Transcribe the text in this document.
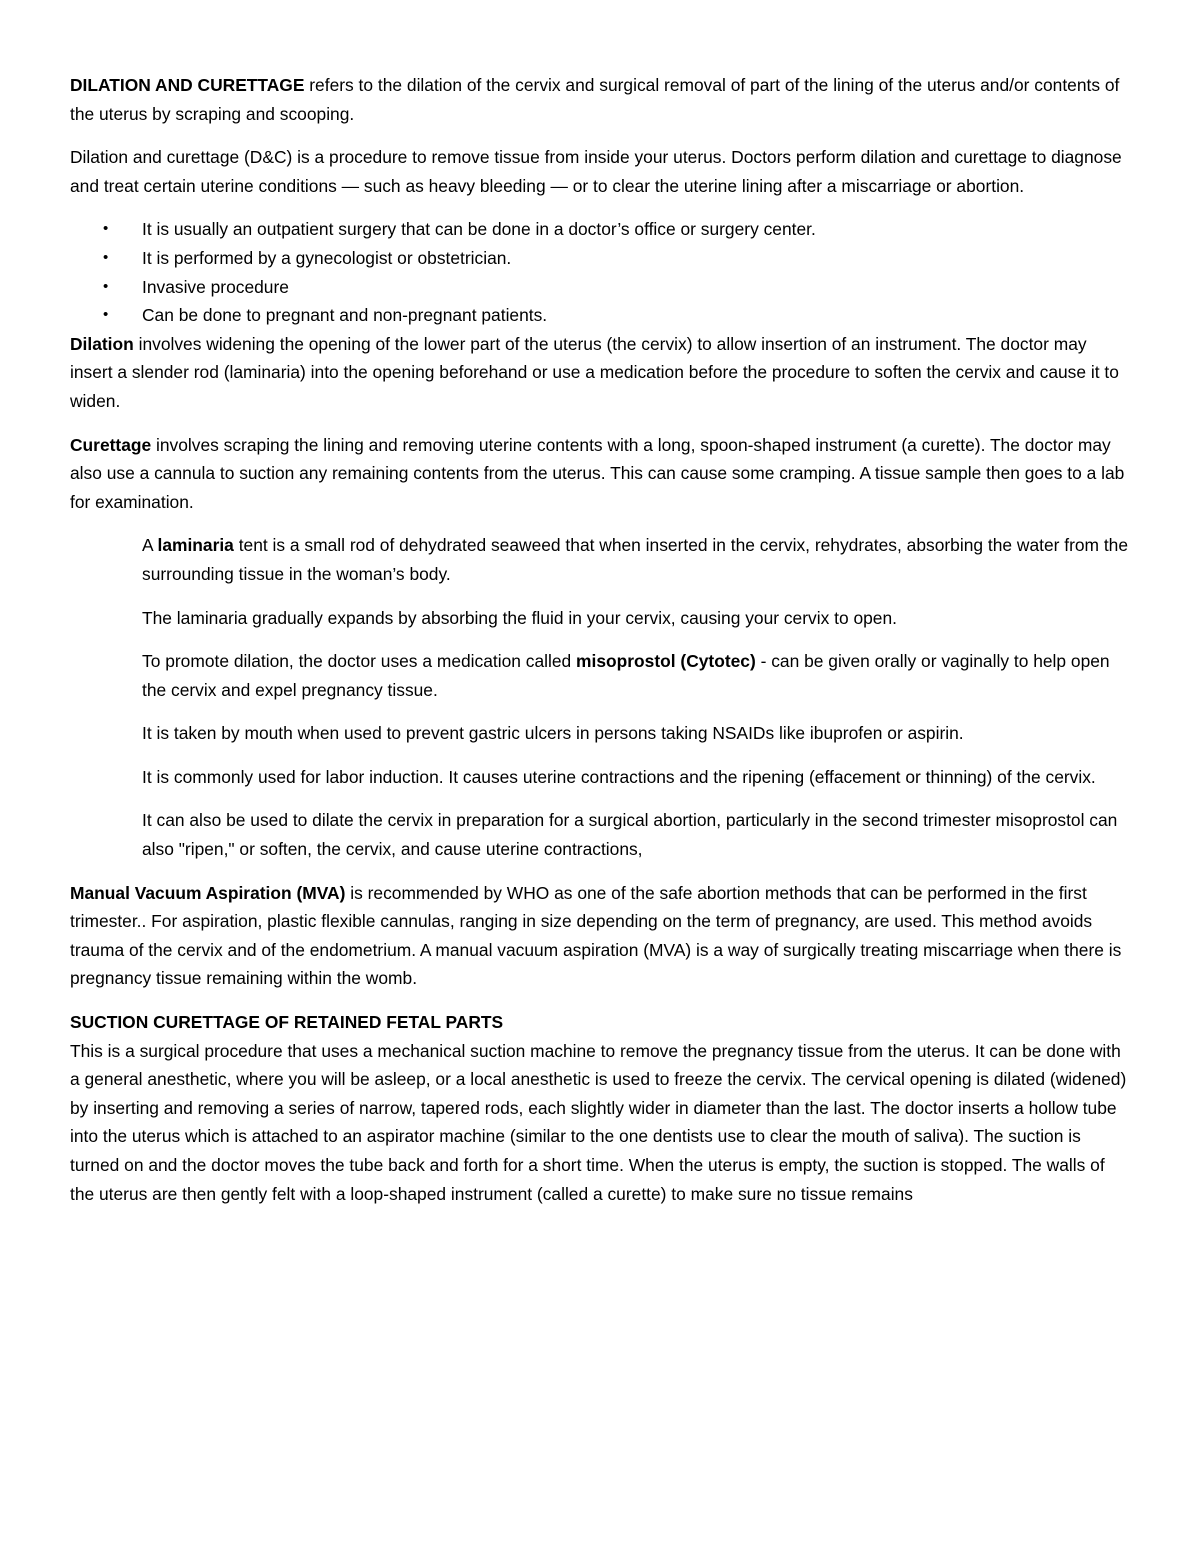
DILATION AND CURETTAGE refers to the dilation of the cervix and surgical removal of part of the lining of the uterus and/or contents of the uterus by scraping and scooping.

Dilation and curettage (D&C) is a procedure to remove tissue from inside your uterus. Doctors perform dilation and curettage to diagnose and treat certain uterine conditions — such as heavy bleeding — or to clear the uterine lining after a miscarriage or abortion.

• It is usually an outpatient surgery that can be done in a doctor’s office or surgery center.
• It is performed by a gynecologist or obstetrician.
• Invasive procedure
• Can be done to pregnant and non-pregnant patients.

Dilation involves widening the opening of the lower part of the uterus (the cervix) to allow insertion of an instrument. The doctor may insert a slender rod (laminaria) into the opening beforehand or use a medication before the procedure to soften the cervix and cause it to widen.

Curettage involves scraping the lining and removing uterine contents with a long, spoon-shaped instrument (a curette). The doctor may also use a cannula to suction any remaining contents from the uterus. This can cause some cramping. A tissue sample then goes to a lab for examination.

A laminaria tent is a small rod of dehydrated seaweed that when inserted in the cervix, rehydrates, absorbing the water from the surrounding tissue in the woman’s body.

The laminaria gradually expands by absorbing the fluid in your cervix, causing your cervix to open.

To promote dilation, the doctor uses a medication called misoprostol (Cytotec) - can be given orally or vaginally to help open the cervix and expel pregnancy tissue.

It is taken by mouth when used to prevent gastric ulcers in persons taking NSAIDs like ibuprofen or aspirin.

It is commonly used for labor induction. It causes uterine contractions and the ripening (effacement or thinning) of the cervix.

It can also be used to dilate the cervix in preparation for a surgical abortion, particularly in the second trimester misoprostol can also "ripen," or soften, the cervix, and cause uterine contractions,

Manual Vacuum Aspiration (MVA) is recommended by WHO as one of the safe abortion methods that can be performed in the first trimester.. For aspiration, plastic flexible cannulas, ranging in size depending on the term of pregnancy, are used. This method avoids trauma of the cervix and of the endometrium. A manual vacuum aspiration (MVA) is a way of surgically treating miscarriage when there is pregnancy tissue remaining within the womb.

SUCTION CURETTAGE OF RETAINED FETAL PARTS

This is a surgical procedure that uses a mechanical suction machine to remove the pregnancy tissue from the uterus. It can be done with a general anesthetic, where you will be asleep, or a local anesthetic is used to freeze the cervix. The cervical opening is dilated (widened) by inserting and removing a series of narrow, tapered rods, each slightly wider in diameter than the last. The doctor inserts a hollow tube into the uterus which is attached to an aspirator machine (similar to the one dentists use to clear the mouth of saliva). The suction is turned on and the doctor moves the tube back and forth for a short time. When the uterus is empty, the suction is stopped. The walls of the uterus are then gently felt with a loop-shaped instrument (called a curette) to make sure no tissue remains
